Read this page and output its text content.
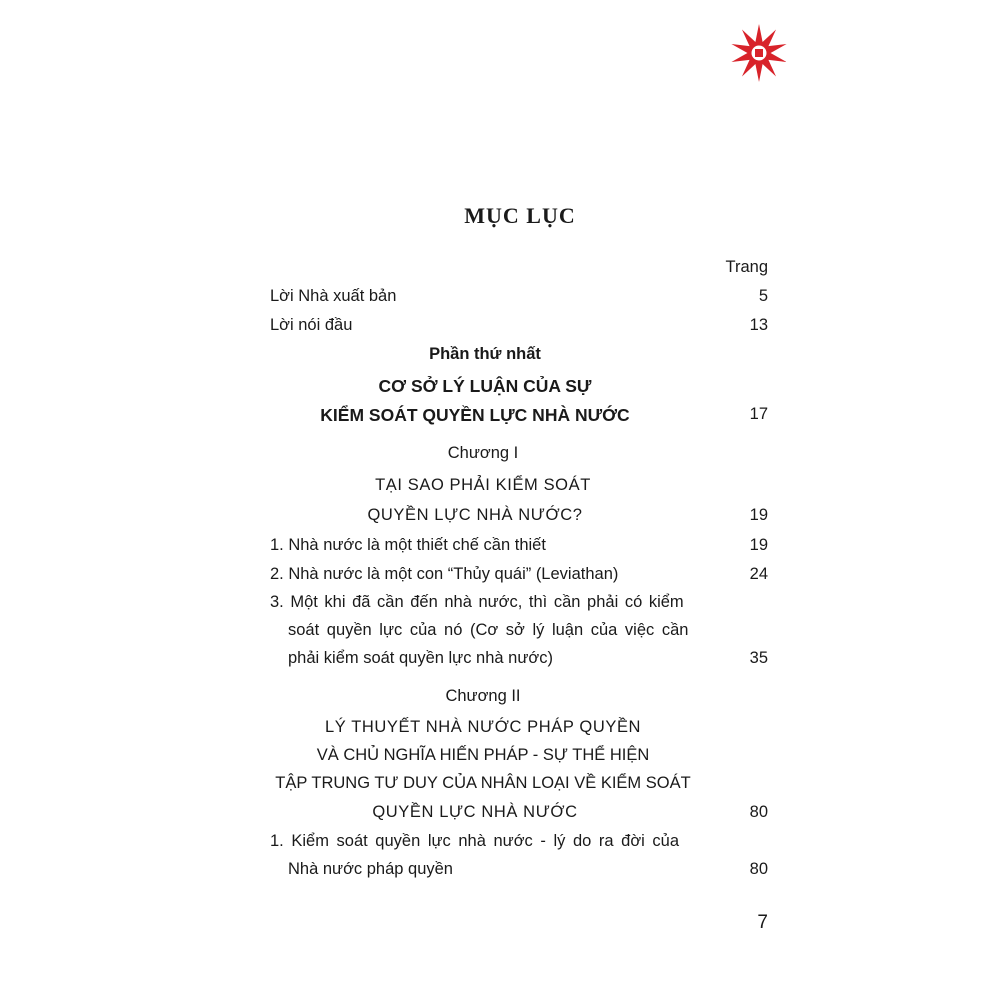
MỤC LỤC
Trang
Lời Nhà xuất bản	5
Lời nói đầu	13
Phần thứ nhất
CƠ SỞ LÝ LUẬN CỦA SỰ
KIỂM SOÁT QUYỀN LỰC NHÀ NƯỚC	17
Chương I
TẠI SAO PHẢI KIỂM SOÁT
QUYỀN LỰC NHÀ NƯỚC?	19
1. Nhà nước là một thiết chế cần thiết	19
2. Nhà nước là một con “Thủy quái” (Leviathan)	24
3. Một khi đã cần đến nhà nước, thì cần phải có kiểm
soát quyền lực của nó (Cơ sở lý luận của việc cần
phải kiểm soát quyền lực nhà nước)	35
Chương II
LÝ THUYẾT NHÀ NƯỚC PHÁP QUYỀN
VÀ CHỦ NGHĨA HIẾN PHÁP - SỰ THỂ HIỆN
TẬP TRUNG TƯ DUY CỦA NHÂN LOẠI VỀ KIỂM SOÁT
QUYỀN LỰC NHÀ NƯỚC	80
1. Kiểm soát quyền lực nhà nước - lý do ra đời của
Nhà nước pháp quyền	80
7
